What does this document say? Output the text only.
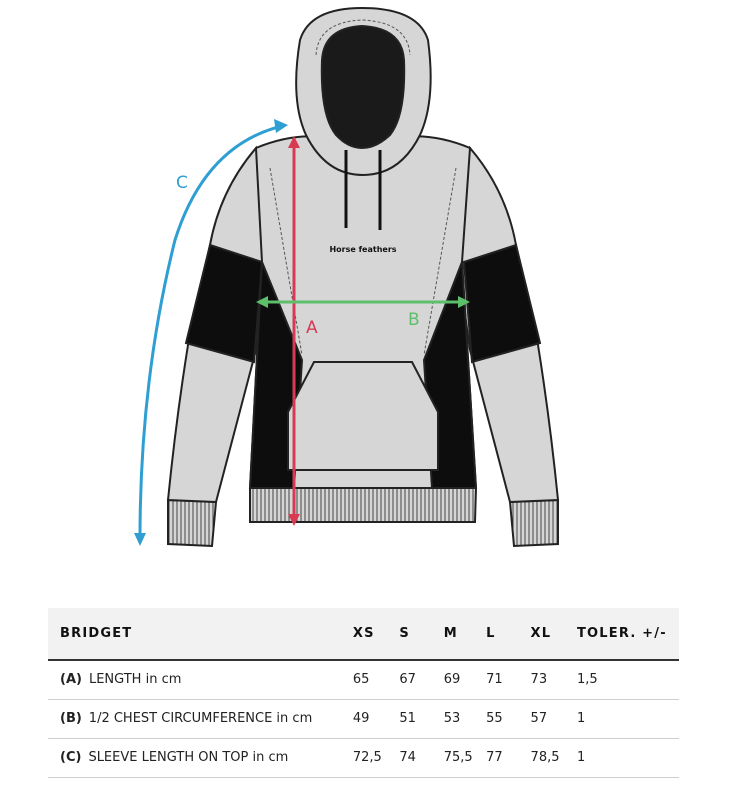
Horse feathers
A	B
C
BRIDGET	XS	S	M	L	XL	TOLER. +/-
(A) LENGTH in cm	65	67	69	71	73	1,5
(B) 1/2 CHEST CIRCUMFERENCE in cm	49	51	53	55	57	1
(C) SLEEVE LENGTH ON TOP in cm	72,5	74	75,5	77	78,5	1
